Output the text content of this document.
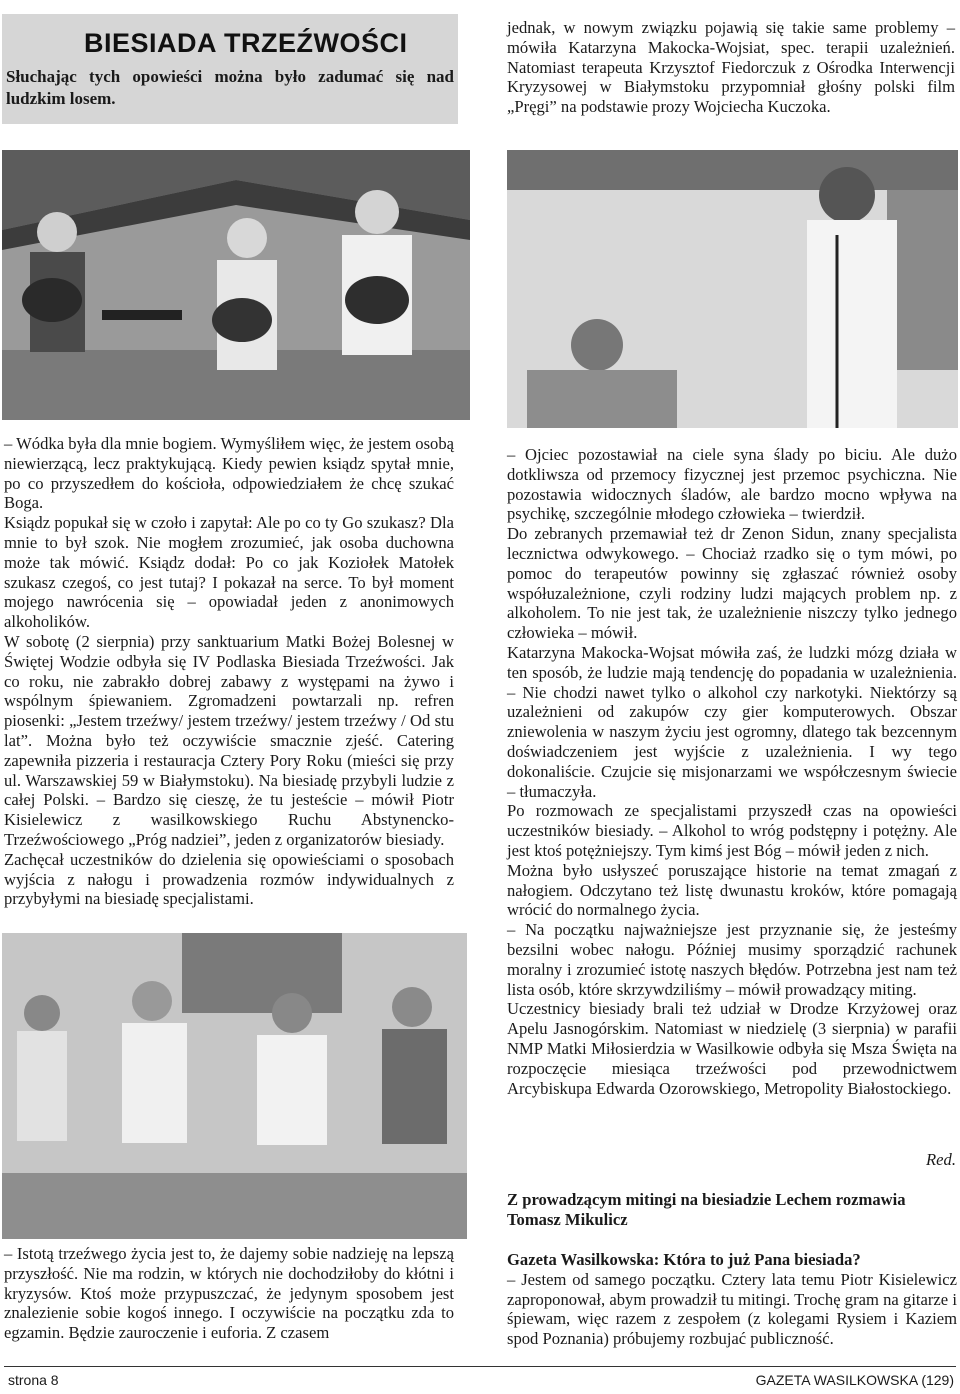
BIESIADA TRZEŹWOŚCI
Słuchając tych opowieści można było zadumać się nad ludzkim losem.

jednak, w nowym związku pojawią się takie same problemy – mówiła Katarzyna Makocka-Wojsiat, spec. terapii uzależnień. Natomiast terapeuta Krzysztof Fiedorczuk z Ośrodka Interwencji Kryzysowej w Białymstoku przypomniał głośny polski film „Pręgi” na podstawie prozy Wojciecha Kuczoka.

– Wódka była dla mnie bogiem. Wymyśliłem więc, że jestem osobą niewierzącą, lecz praktykującą. Kiedy pewien ksiądz spytał mnie, po co przyszedłem do kościoła, odpowiedziałem że chcę szukać Boga.

Ksiądz popukał się w czoło i zapytał: Ale po co ty Go szukasz? Dla mnie to był szok. Nie mogłem zrozumieć, jak osoba duchowna może tak mówić. Ksiądz dodał: Po co jak Koziołek Matołek szukasz czegoś, co jest tutaj? I pokazał na serce. To był moment mojego nawrócenia się – opowiadał jeden z anonimowych alkoholików.

W sobotę (2 sierpnia) przy sanktuarium Matki Bożej Bolesnej w Świętej Wodzie odbyła się IV Podlaska Biesiada Trzeźwości. Jak co roku, nie zabrakło dobrej zabawy z występami na żywo i wspólnym śpiewaniem. Zgromadzeni powtarzali np. refren piosenki: „Jestem trzeźwy/ jestem trzeźwy/ jestem trzeźwy / Od stu lat”. Można było też oczywiście smacznie zjeść. Catering zapewniła pizzeria i restauracja Cztery Pory Roku (mieści się przy ul. Warszawskiej 59 w Białymstoku). Na biesiadę przybyli ludzie z całej Polski. – Bardzo się cieszę, że tu jesteście – mówił Piotr Kisielewicz z wasilkowskiego Ruchu Abstynencko-Trzeźwościowego „Próg nadziei”, jeden z organizatorów biesiady.

Zachęcał uczestników do dzielenia się opowieściami o sposobach wyjścia z nałogu i prowadzenia rozmów indywidualnych z przybyłymi na biesiadę specjalistami.

– Istotą trzeźwego życia jest to, że dajemy sobie nadzieję na lepszą przyszłość. Nie ma rodzin, w których nie dochodziłoby do kłótni i kryzysów. Ktoś może przypuszczać, że jedynym sposobem jest znalezienie sobie kogoś innego. I oczywiście na początku zda to egzamin. Będzie zauroczenie i euforia. Z czasem

– Ojciec pozostawiał na ciele syna ślady po biciu. Ale dużo dotkliwsza od przemocy fizycznej jest przemoc psychiczna. Nie pozostawia widocznych śladów, ale bardzo mocno wpływa na psychikę, szczególnie młodego człowieka – twierdził.

Do zebranych przemawiał też dr Zenon Sidun, znany specjalista lecznictwa odwykowego. – Chociaż rzadko się o tym mówi, po pomoc do terapeutów powinny się zgłaszać również osoby współuzależnione, czyli rodziny ludzi mających problem np. z alkoholem. To nie jest tak, że uzależnienie niszczy tylko jednego człowieka – mówił.

Katarzyna Makocka-Wojsat mówiła zaś, że ludzki mózg działa w ten sposób, że ludzie mają tendencję do popadania w uzależnienia. – Nie chodzi nawet tylko o alkohol czy narkotyki. Niektórzy są uzależnieni od zakupów czy gier komputerowych. Obszar zniewolenia w naszym życiu jest ogromny, dlatego tak bezcennym doświadczeniem jest wyjście z uzależnienia. I wy tego dokonaliście. Czujcie się misjonarzami we współczesnym świecie – tłumaczyła.

Po rozmowach ze specjalistami przyszedł czas na opowieści uczestników biesiady. – Alkohol to wróg podstępny i potężny. Ale jest ktoś potężniejszy. Tym kimś jest Bóg – mówił jeden z nich.

Można było usłyszeć poruszające historie na temat zmagań z nałogiem. Odczytano też listę dwunastu kroków, które pomagają wrócić do normalnego życia.

– Na początku najważniejsze jest przyznanie się, że jesteśmy bezsilni wobec nałogu. Później musimy sporządzić rachunek moralny i zrozumieć istotę naszych błędów. Potrzebna jest nam też lista osób, które skrzywdziliśmy – mówił prowadzący miting.

Uczestnicy biesiady brali też udział w Drodze Krzyżowej oraz Apelu Jasnogórskim. Natomiast w niedzielę (3 sierpnia) w parafii NMP Matki Miłosierdzia w Wasilkowie odbyła się Msza Święta na rozpoczęcie miesiąca trzeźwości pod przewodnictwem Arcybiskupa Edwarda Ozorowskiego, Metropolity Białostockiego.

Red.
Z prowadzącym mitingi na biesiadzie Lechem rozmawia Tomasz Mikulicz

Gazeta Wasilkowska: Która to już Pana biesiada?

– Jestem od samego początku. Cztery lata temu Piotr Kisielewicz zaproponował, abym prowadził tu mitingi. Trochę gram na gitarze i śpiewam, więc razem z zespołem (z kolegami Rysiem i Kaziem spod Poznania) próbujemy rozbujać publiczność.

strona 8	GAZETA WASILKOWSKA (129)
